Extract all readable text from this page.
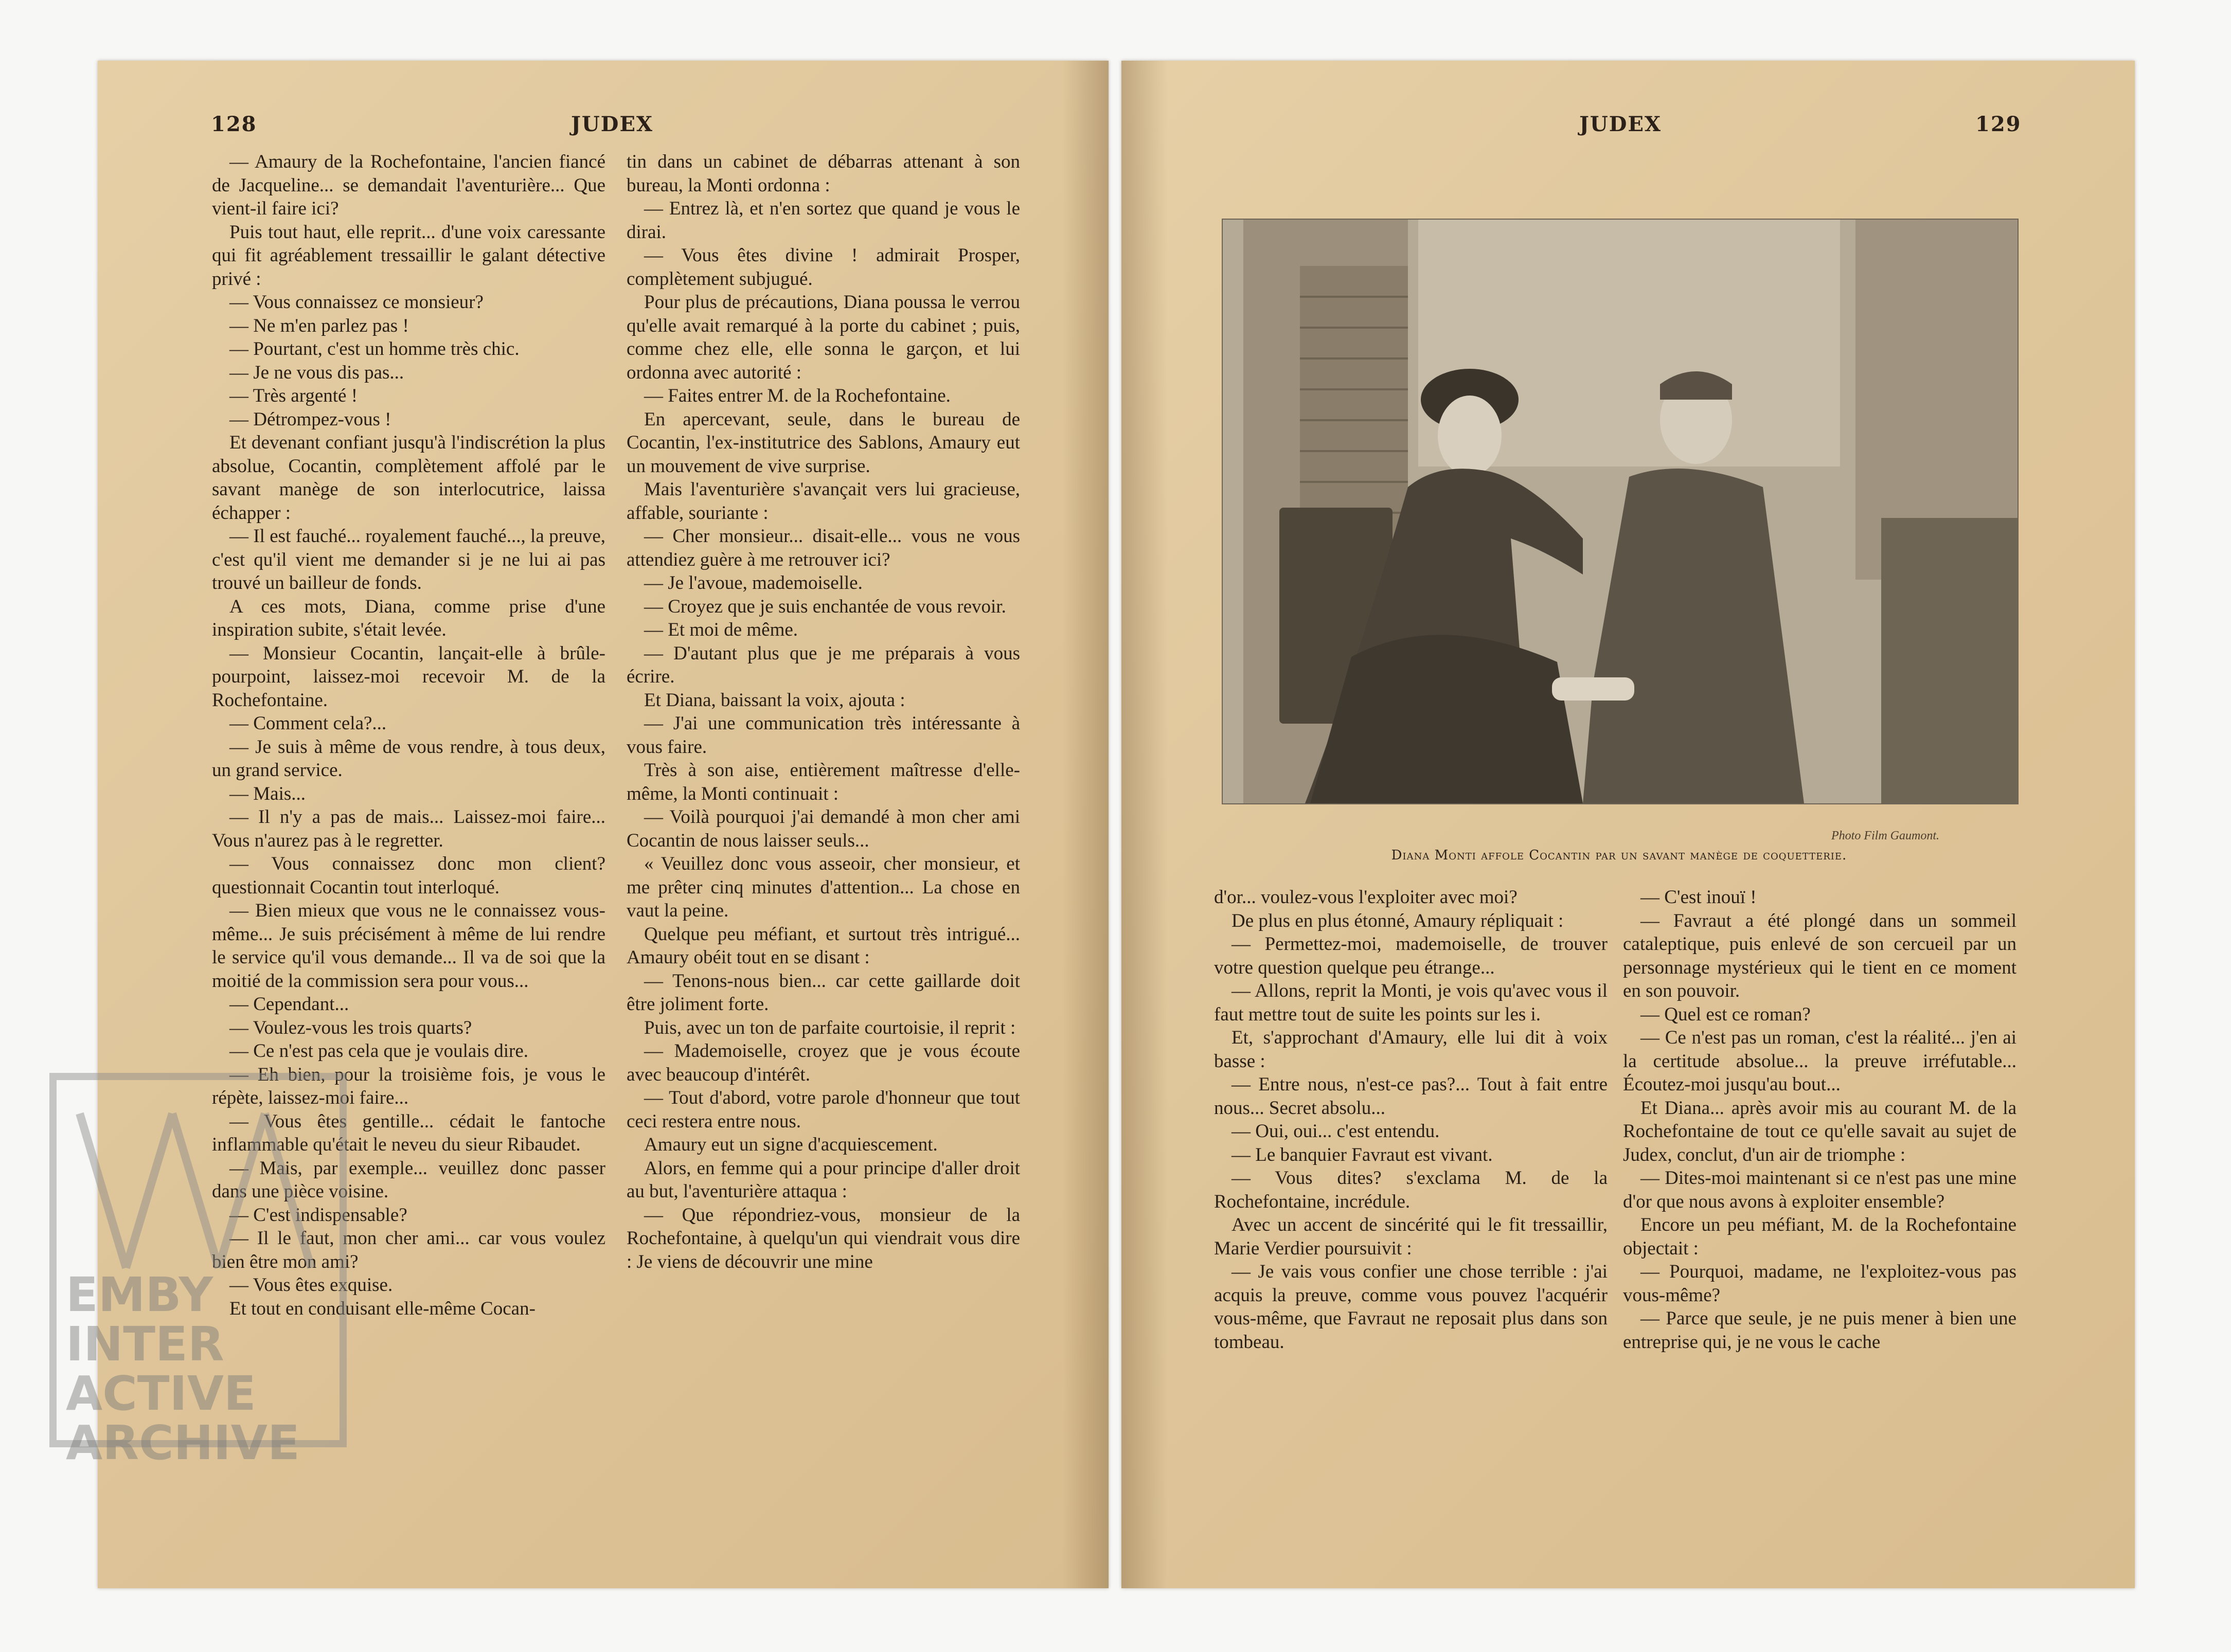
128	JUDEX	JUDEX	129

— Amaury de la Rochefontaine, l'ancien fiancé de Jacqueline... se demandait l'aventurière... Que vient-il faire ici?

Puis tout haut, elle reprit... d'une voix caressante qui fit agréablement tressaillir le galant détective privé :

— Vous connaissez ce monsieur?

— Ne m'en parlez pas !

— Pourtant, c'est un homme très chic.

— Je ne vous dis pas...

— Très argenté !

— Détrompez-vous !

Et devenant confiant jusqu'à l'indiscrétion la plus absolue, Cocantin, complètement affolé par le savant manège de son interlocutrice, laissa échapper :

— Il est fauché... royalement fauché..., la preuve, c'est qu'il vient me demander si je ne lui ai pas trouvé un bailleur de fonds.

A ces mots, Diana, comme prise d'une inspiration subite, s'était levée.

— Monsieur Cocantin, lançait-elle à brûle-pourpoint, laissez-moi recevoir M. de la Rochefontaine.

— Comment cela?...

— Je suis à même de vous rendre, à tous deux, un grand service.

— Mais...

— Il n'y a pas de mais... Laissez-moi faire... Vous n'aurez pas à le regretter.

— Vous connaissez donc mon client? questionnait Cocantin tout interloqué.

— Bien mieux que vous ne le connaissez vous-même... Je suis précisément à même de lui rendre le service qu'il vous demande... Il va de soi que la moitié de la commission sera pour vous...

— Cependant...

— Voulez-vous les trois quarts?

— Ce n'est pas cela que je voulais dire.

— Eh bien, pour la troisième fois, je vous le répète, laissez-moi faire...

— Vous êtes gentille... cédait le fantoche inflammable qu'était le neveu du sieur Ribaudet.

— Mais, par exemple... veuillez donc passer dans une pièce voisine.

— C'est indispensable?

— Il le faut, mon cher ami... car vous voulez bien être mon ami?

— Vous êtes exquise.

Et tout en conduisant elle-même Cocan-

tin dans un cabinet de débarras attenant à son bureau, la Monti ordonna :

— Entrez là, et n'en sortez que quand je vous le dirai.

— Vous êtes divine ! admirait Prosper, complètement subjugué.

Pour plus de précautions, Diana poussa le verrou qu'elle avait remarqué à la porte du cabinet ; puis, comme chez elle, elle sonna le garçon, et lui ordonna avec autorité :

— Faites entrer M. de la Rochefontaine.

En apercevant, seule, dans le bureau de Cocantin, l'ex-institutrice des Sablons, Amaury eut un mouvement de vive surprise.

Mais l'aventurière s'avançait vers lui gracieuse, affable, souriante :

— Cher monsieur... disait-elle... vous ne vous attendiez guère à me retrouver ici?

— Je l'avoue, mademoiselle.

— Croyez que je suis enchantée de vous revoir.

— Et moi de même.

— D'autant plus que je me préparais à vous écrire.

Et Diana, baissant la voix, ajouta :

— J'ai une communication très intéressante à vous faire.

Très à son aise, entièrement maîtresse d'elle-même, la Monti continuait :

— Voilà pourquoi j'ai demandé à mon cher ami Cocantin de nous laisser seuls...

« Veuillez donc vous asseoir, cher monsieur, et me prêter cinq minutes d'attention... La chose en vaut la peine.

Quelque peu méfiant, et surtout très intrigué... Amaury obéit tout en se disant :

— Tenons-nous bien... car cette gaillarde doit être joliment forte.

Puis, avec un ton de parfaite courtoisie, il reprit :

— Mademoiselle, croyez que je vous écoute avec beaucoup d'intérêt.

— Tout d'abord, votre parole d'honneur que tout ceci restera entre nous.

Amaury eut un signe d'acquiescement.

Alors, en femme qui a pour principe d'aller droit au but, l'aventurière attaqua :

— Que répondriez-vous, monsieur de la Rochefontaine, à quelqu'un qui viendrait vous dire : Je viens de découvrir une mine

Photo Film Gaumont.
Diana Monti affole Cocantin par un savant manège de coquetterie.

d'or... voulez-vous l'exploiter avec moi?

De plus en plus étonné, Amaury répliquait :

— Permettez-moi, mademoiselle, de trouver votre question quelque peu étrange...

— Allons, reprit la Monti, je vois qu'avec vous il faut mettre tout de suite les points sur les i.

Et, s'approchant d'Amaury, elle lui dit à voix basse :

— Entre nous, n'est-ce pas?... Tout à fait entre nous... Secret absolu...

— Oui, oui... c'est entendu.

— Le banquier Favraut est vivant.

— Vous dites? s'exclama M. de la Rochefontaine, incrédule.

Avec un accent de sincérité qui le fit tressaillir, Marie Verdier poursuivit :

— Je vais vous confier une chose terrible : j'ai acquis la preuve, comme vous pouvez l'acquérir vous-même, que Favraut ne reposait plus dans son tombeau.

— C'est inouï !

— Favraut a été plongé dans un sommeil cataleptique, puis enlevé de son cercueil par un personnage mystérieux qui le tient en ce moment en son pouvoir.

— Quel est ce roman?

— Ce n'est pas un roman, c'est la réalité... j'en ai la certitude absolue... la preuve irréfutable... Écoutez-moi jusqu'au bout...

Et Diana... après avoir mis au courant M. de la Rochefontaine de tout ce qu'elle savait au sujet de Judex, conclut, d'un air de triomphe :

— Dites-moi maintenant si ce n'est pas une mine d'or que nous avons à exploiter ensemble?

Encore un peu méfiant, M. de la Rochefontaine objectait :

— Pourquoi, madame, ne l'exploitez-vous pas vous-même?

— Parce que seule, je ne puis mener à bien une entreprise qui, je ne vous le cache

EMBY
INTER
ACTIVE
ARCHIVE
